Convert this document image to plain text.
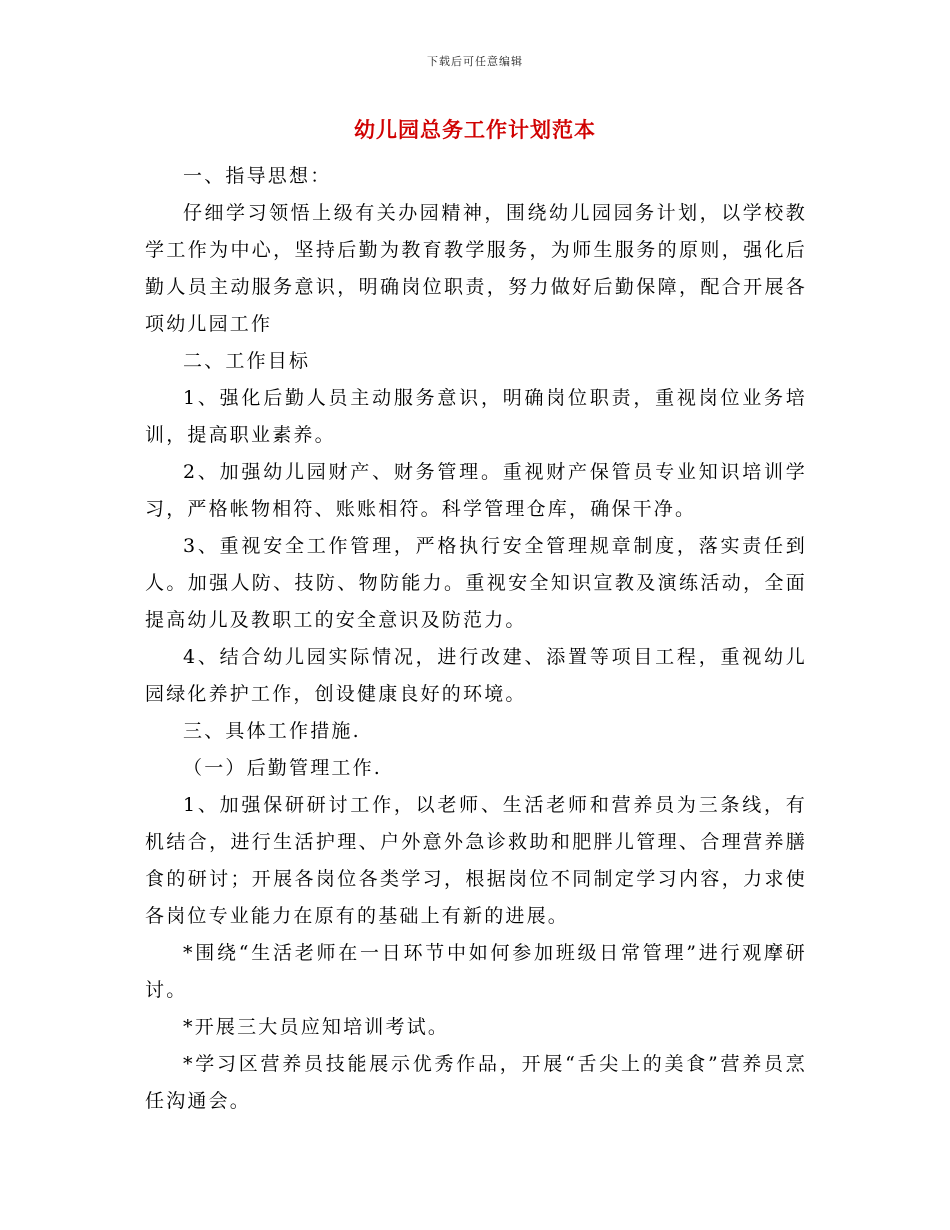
下载后可任意编辑
幼儿园总务工作计划范本

一、指导思想：

仔细学习领悟上级有关办园精神，围绕幼儿园园务计划，以学校教学工作为中心，坚持后勤为教育教学服务，为师生服务的原则，强化后勤人员主动服务意识，明确岗位职责，努力做好后勤保障，配合开展各项幼儿园工作

二、工作目标

1、强化后勤人员主动服务意识，明确岗位职责，重视岗位业务培训，提高职业素养。

2、加强幼儿园财产、财务管理。重视财产保管员专业知识培训学习，严格帐物相符、账账相符。科学管理仓库，确保干净。

3、重视安全工作管理，严格执行安全管理规章制度，落实责任到人。加强人防、技防、物防能力。重视安全知识宣教及演练活动，全面提高幼儿及教职工的安全意识及防范力。

4、结合幼儿园实际情况，进行改建、添置等项目工程，重视幼儿园绿化养护工作，创设健康良好的环境。

三、具体工作措施.

（一）后勤管理工作.

1、加强保研研讨工作，以老师、生活老师和营养员为三条线，有机结合，进行生活护理、户外意外急诊救助和肥胖儿管理、合理营养膳食的研讨；开展各岗位各类学习，根据岗位不同制定学习内容，力求使各岗位专业能力在原有的基础上有新的进展。

*围绕“生活老师在一日环节中如何参加班级日常管理”进行观摩研讨。

*开展三大员应知培训考试。

*学习区营养员技能展示优秀作品，开展“舌尖上的美食”营养员烹任沟通会。
